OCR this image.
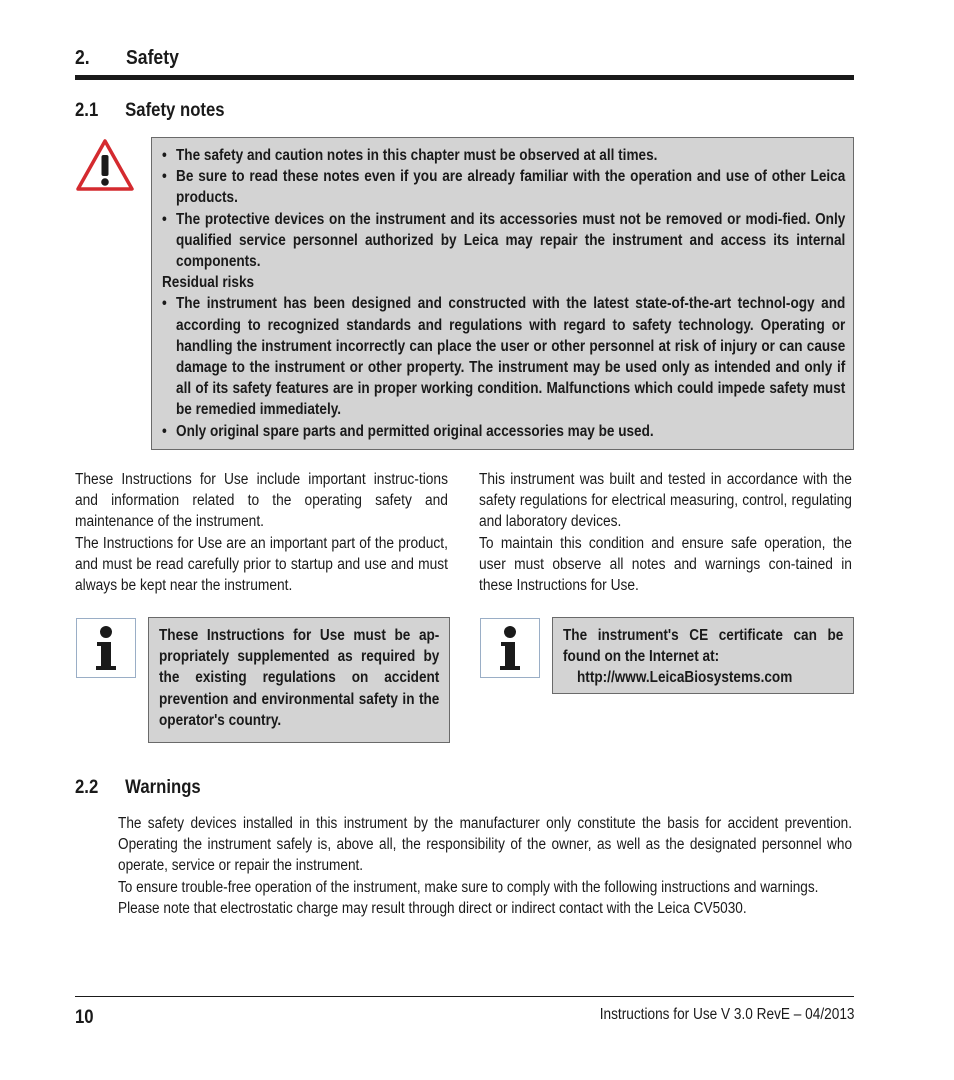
2. Safety
2.1 Safety notes
• The safety and caution notes in this chapter must be observed at all times.
• Be sure to read these notes even if you are already familiar with the operation and use of other Leica products.
• The protective devices on the instrument and its accessories must not be removed or modi-fied. Only qualified service personnel authorized by Leica may repair the instrument and access its internal components.
Residual risks
• The instrument has been designed and constructed with the latest state-of-the-art technol-ogy and according to recognized standards and regulations with regard to safety technology. Operating or handling the instrument incorrectly can place the user or other personnel at risk of injury or can cause damage to the instrument or other property. The instrument may be used only as intended and only if all of its safety features are in proper working condition. Malfunctions which could impede safety must be remedied immediately.
• Only original spare parts and permitted original accessories may be used.

These Instructions for Use include important instruc-tions and information related to the operating safety and maintenance of the instrument.

The Instructions for Use are an important part of the product, and must be read carefully prior to startup and use and must always be kept near the instrument.

This instrument was built and tested in accordance with the safety regulations for electrical measuring, control, regulating and laboratory devices.

To maintain this condition and ensure safe operation, the user must observe all notes and warnings con-tained in these Instructions for Use.

These Instructions for Use must be ap-propriately supplemented as required by the existing regulations on accident prevention and environmental safety in the operator's country.
The instrument's CE certificate can be found on the Internet at:
http://www.LeicaBiosystems.com
2.2 Warnings

The safety devices installed in this instrument by the manufacturer only constitute the basis for accident prevention. Operating the instrument safely is, above all, the responsibility of the owner, as well as the designated personnel who operate, service or repair the instrument.

To ensure trouble-free operation of the instrument, make sure to comply with the following instructions and warnings.

Please note that electrostatic charge may result through direct or indirect contact with the Leica CV5030.

10	Instructions for Use V 3.0 RevE – 04/2013
